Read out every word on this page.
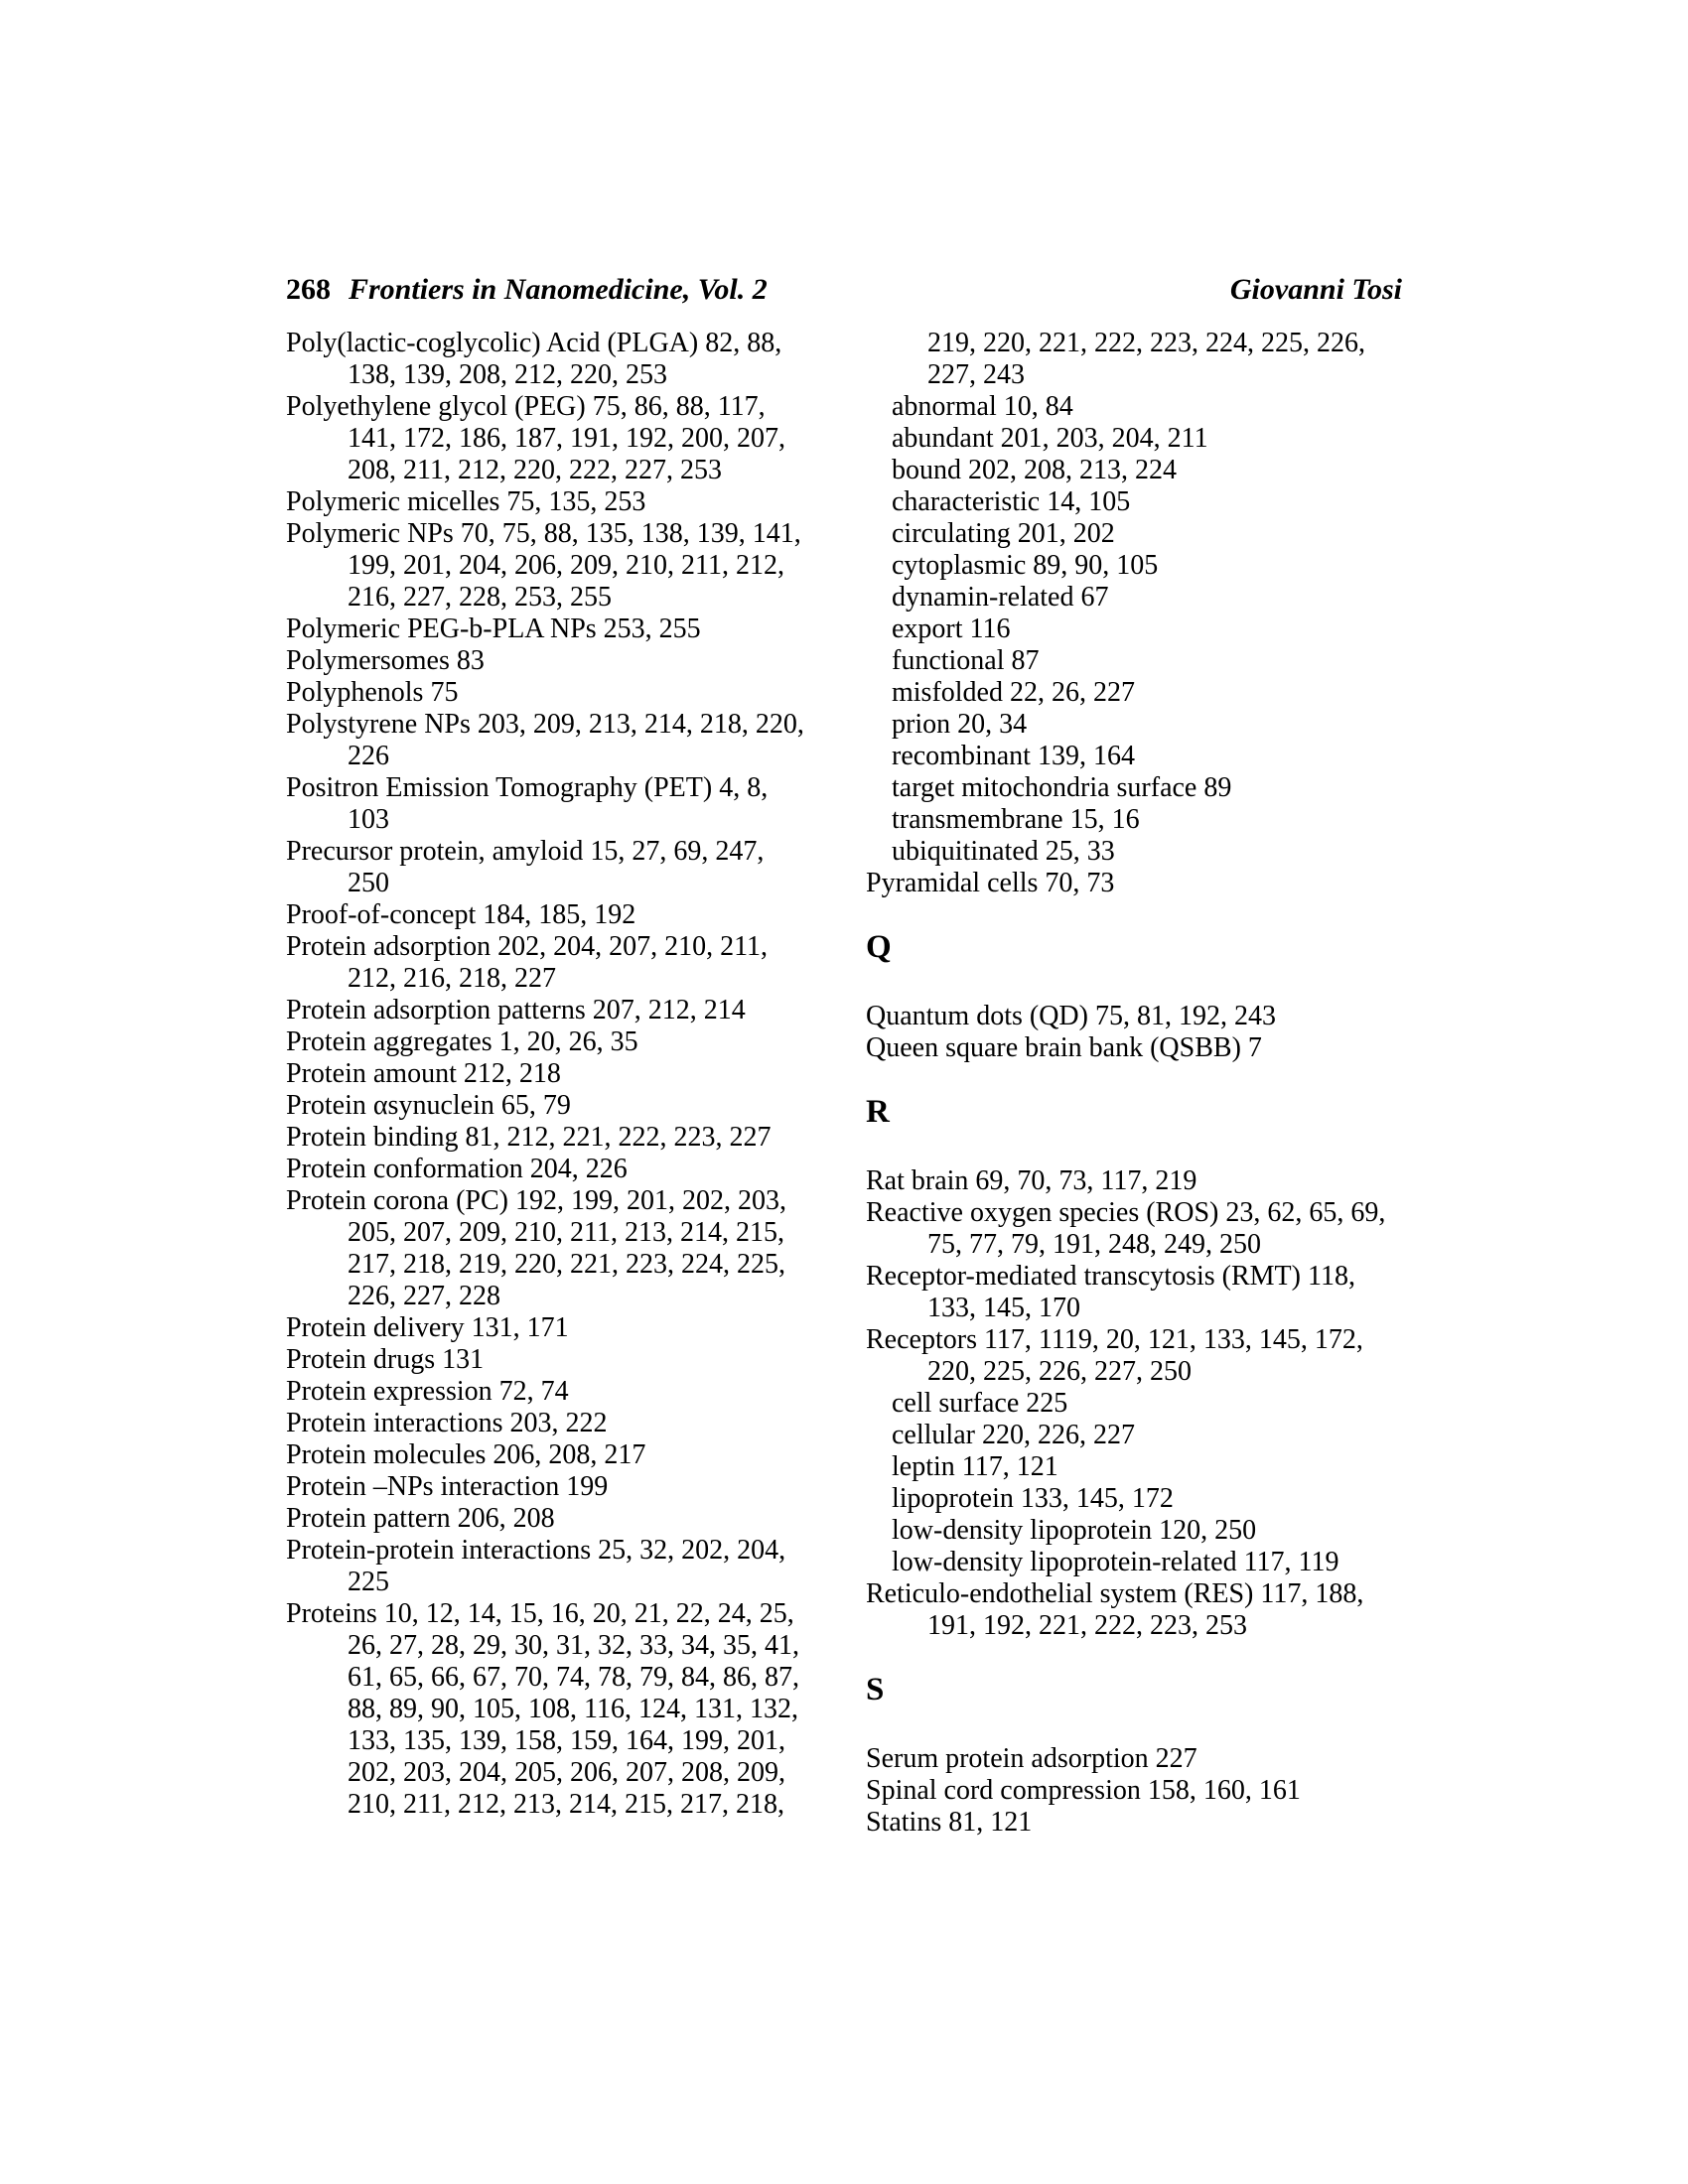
268 Frontiers in Nanomedicine, Vol. 2	Giovanni Tosi
Poly(lactic-coglycolic) Acid (PLGA) 82, 88,
138, 139, 208, 212, 220, 253
Polyethylene glycol (PEG) 75, 86, 88, 117,
141, 172, 186, 187, 191, 192, 200, 207,
208, 211, 212, 220, 222, 227, 253
Polymeric micelles 75, 135, 253
Polymeric NPs 70, 75, 88, 135, 138, 139, 141,
199, 201, 204, 206, 209, 210, 211, 212,
216, 227, 228, 253, 255
Polymeric PEG-b-PLA NPs 253, 255
Polymersomes 83
Polyphenols 75
Polystyrene NPs 203, 209, 213, 214, 218, 220,
226
Positron Emission Tomography (PET) 4, 8,
103
Precursor protein, amyloid 15, 27, 69, 247,
250
Proof-of-concept 184, 185, 192
Protein adsorption 202, 204, 207, 210, 211,
212, 216, 218, 227
Protein adsorption patterns 207, 212, 214
Protein aggregates 1, 20, 26, 35
Protein amount 212, 218
Protein αsynuclein 65, 79
Protein binding 81, 212, 221, 222, 223, 227
Protein conformation 204, 226
Protein corona (PC) 192, 199, 201, 202, 203,
205, 207, 209, 210, 211, 213, 214, 215,
217, 218, 219, 220, 221, 223, 224, 225,
226, 227, 228
Protein delivery 131, 171
Protein drugs 131
Protein expression 72, 74
Protein interactions 203, 222
Protein molecules 206, 208, 217
Protein –NPs interaction 199
Protein pattern 206, 208
Protein-protein interactions 25, 32, 202, 204,
225
Proteins 10, 12, 14, 15, 16, 20, 21, 22, 24, 25,
26, 27, 28, 29, 30, 31, 32, 33, 34, 35, 41,
61, 65, 66, 67, 70, 74, 78, 79, 84, 86, 87,
88, 89, 90, 105, 108, 116, 124, 131, 132,
133, 135, 139, 158, 159, 164, 199, 201,
202, 203, 204, 205, 206, 207, 208, 209,
210, 211, 212, 213, 214, 215, 217, 218,
219, 220, 221, 222, 223, 224, 225, 226,
227, 243
abnormal 10, 84
abundant 201, 203, 204, 211
bound 202, 208, 213, 224
characteristic 14, 105
circulating 201, 202
cytoplasmic 89, 90, 105
dynamin-related 67
export 116
functional 87
misfolded 22, 26, 227
prion 20, 34
recombinant 139, 164
target mitochondria surface 89
transmembrane 15, 16
ubiquitinated 25, 33
Pyramidal cells 70, 73
Q
Quantum dots (QD) 75, 81, 192, 243
Queen square brain bank (QSBB) 7
R
Rat brain 69, 70, 73, 117, 219
Reactive oxygen species (ROS) 23, 62, 65, 69,
75, 77, 79, 191, 248, 249, 250
Receptor-mediated transcytosis (RMT) 118,
133, 145, 170
Receptors 117, 1119, 20, 121, 133, 145, 172,
220, 225, 226, 227, 250
cell surface 225
cellular 220, 226, 227
leptin 117, 121
lipoprotein 133, 145, 172
low-density lipoprotein 120, 250
low-density lipoprotein-related 117, 119
Reticulo-endothelial system (RES) 117, 188,
191, 192, 221, 222, 223, 253
S
Serum protein adsorption 227
Spinal cord compression 158, 160, 161
Statins 81, 121
